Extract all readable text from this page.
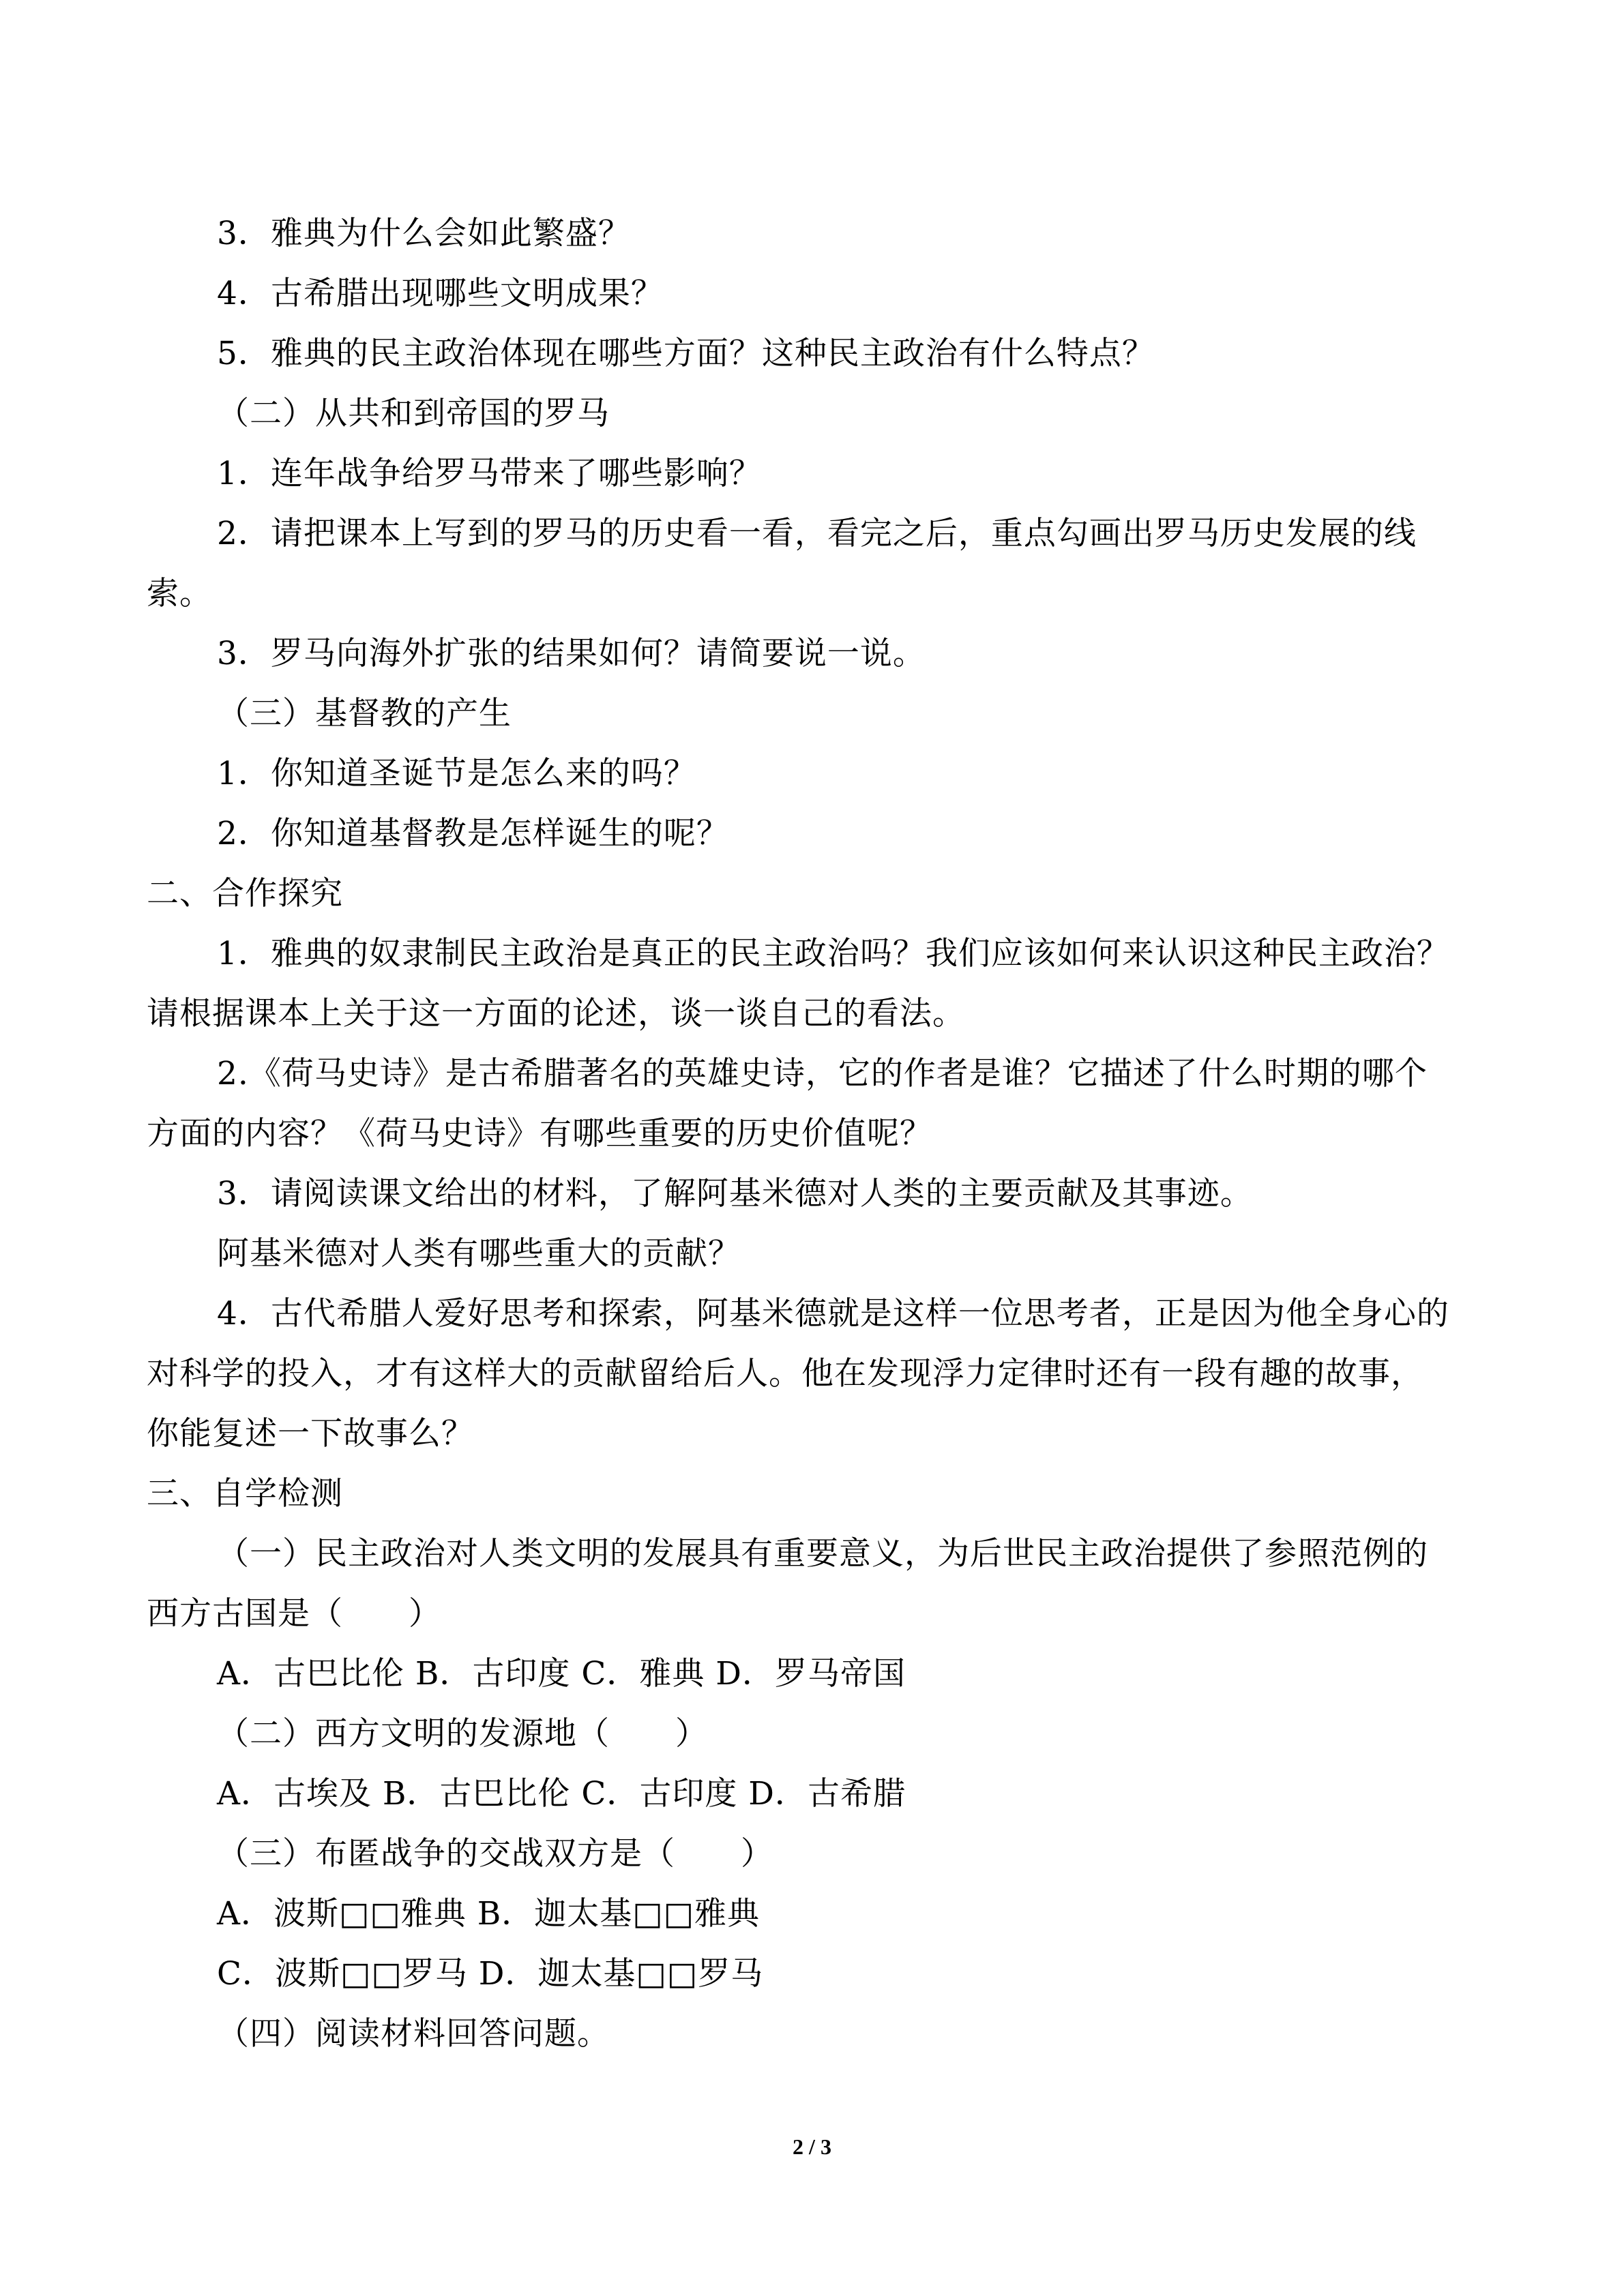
3．雅典为什么会如此繁盛？
4．古希腊出现哪些文明成果？
5．雅典的民主政治体现在哪些方面？这种民主政治有什么特点？
（二）从共和到帝国的罗马
1．连年战争给罗马带来了哪些影响？
2．请把课本上写到的罗马的历史看一看，看完之后，重点勾画出罗马历史发展的线
索。
3．罗马向海外扩张的结果如何？请简要说一说。
（三）基督教的产生
1．你知道圣诞节是怎么来的吗？
2．你知道基督教是怎样诞生的呢？
二、合作探究
1．雅典的奴隶制民主政治是真正的民主政治吗？我们应该如何来认识这种民主政治？
请根据课本上关于这一方面的论述，谈一谈自己的看法。
2.《荷马史诗》是古希腊著名的英雄史诗，它的作者是谁？它描述了什么时期的哪个
方面的内容？《荷马史诗》有哪些重要的历史价值呢？
3．请阅读课文给出的材料，了解阿基米德对人类的主要贡献及其事迹。
阿基米德对人类有哪些重大的贡献？
4．古代希腊人爱好思考和探索，阿基米德就是这样一位思考者，正是因为他全身心的
对科学的投入，才有这样大的贡献留给后人。他在发现浮力定律时还有一段有趣的故事，
你能复述一下故事么？
三、自学检测
（一）民主政治对人类文明的发展具有重要意义，为后世民主政治提供了参照范例的
西方古国是（　　）
A．古巴比伦 B．古印度 C．雅典 D．罗马帝国
（二）西方文明的发源地（　　）
A．古埃及 B．古巴比伦 C．古印度 D．古希腊
（三）布匿战争的交战双方是（　　）
A．波斯□□雅典 B．迦太基□□雅典
C．波斯□□罗马 D．迦太基□□罗马
（四）阅读材料回答问题。
2 / 3
